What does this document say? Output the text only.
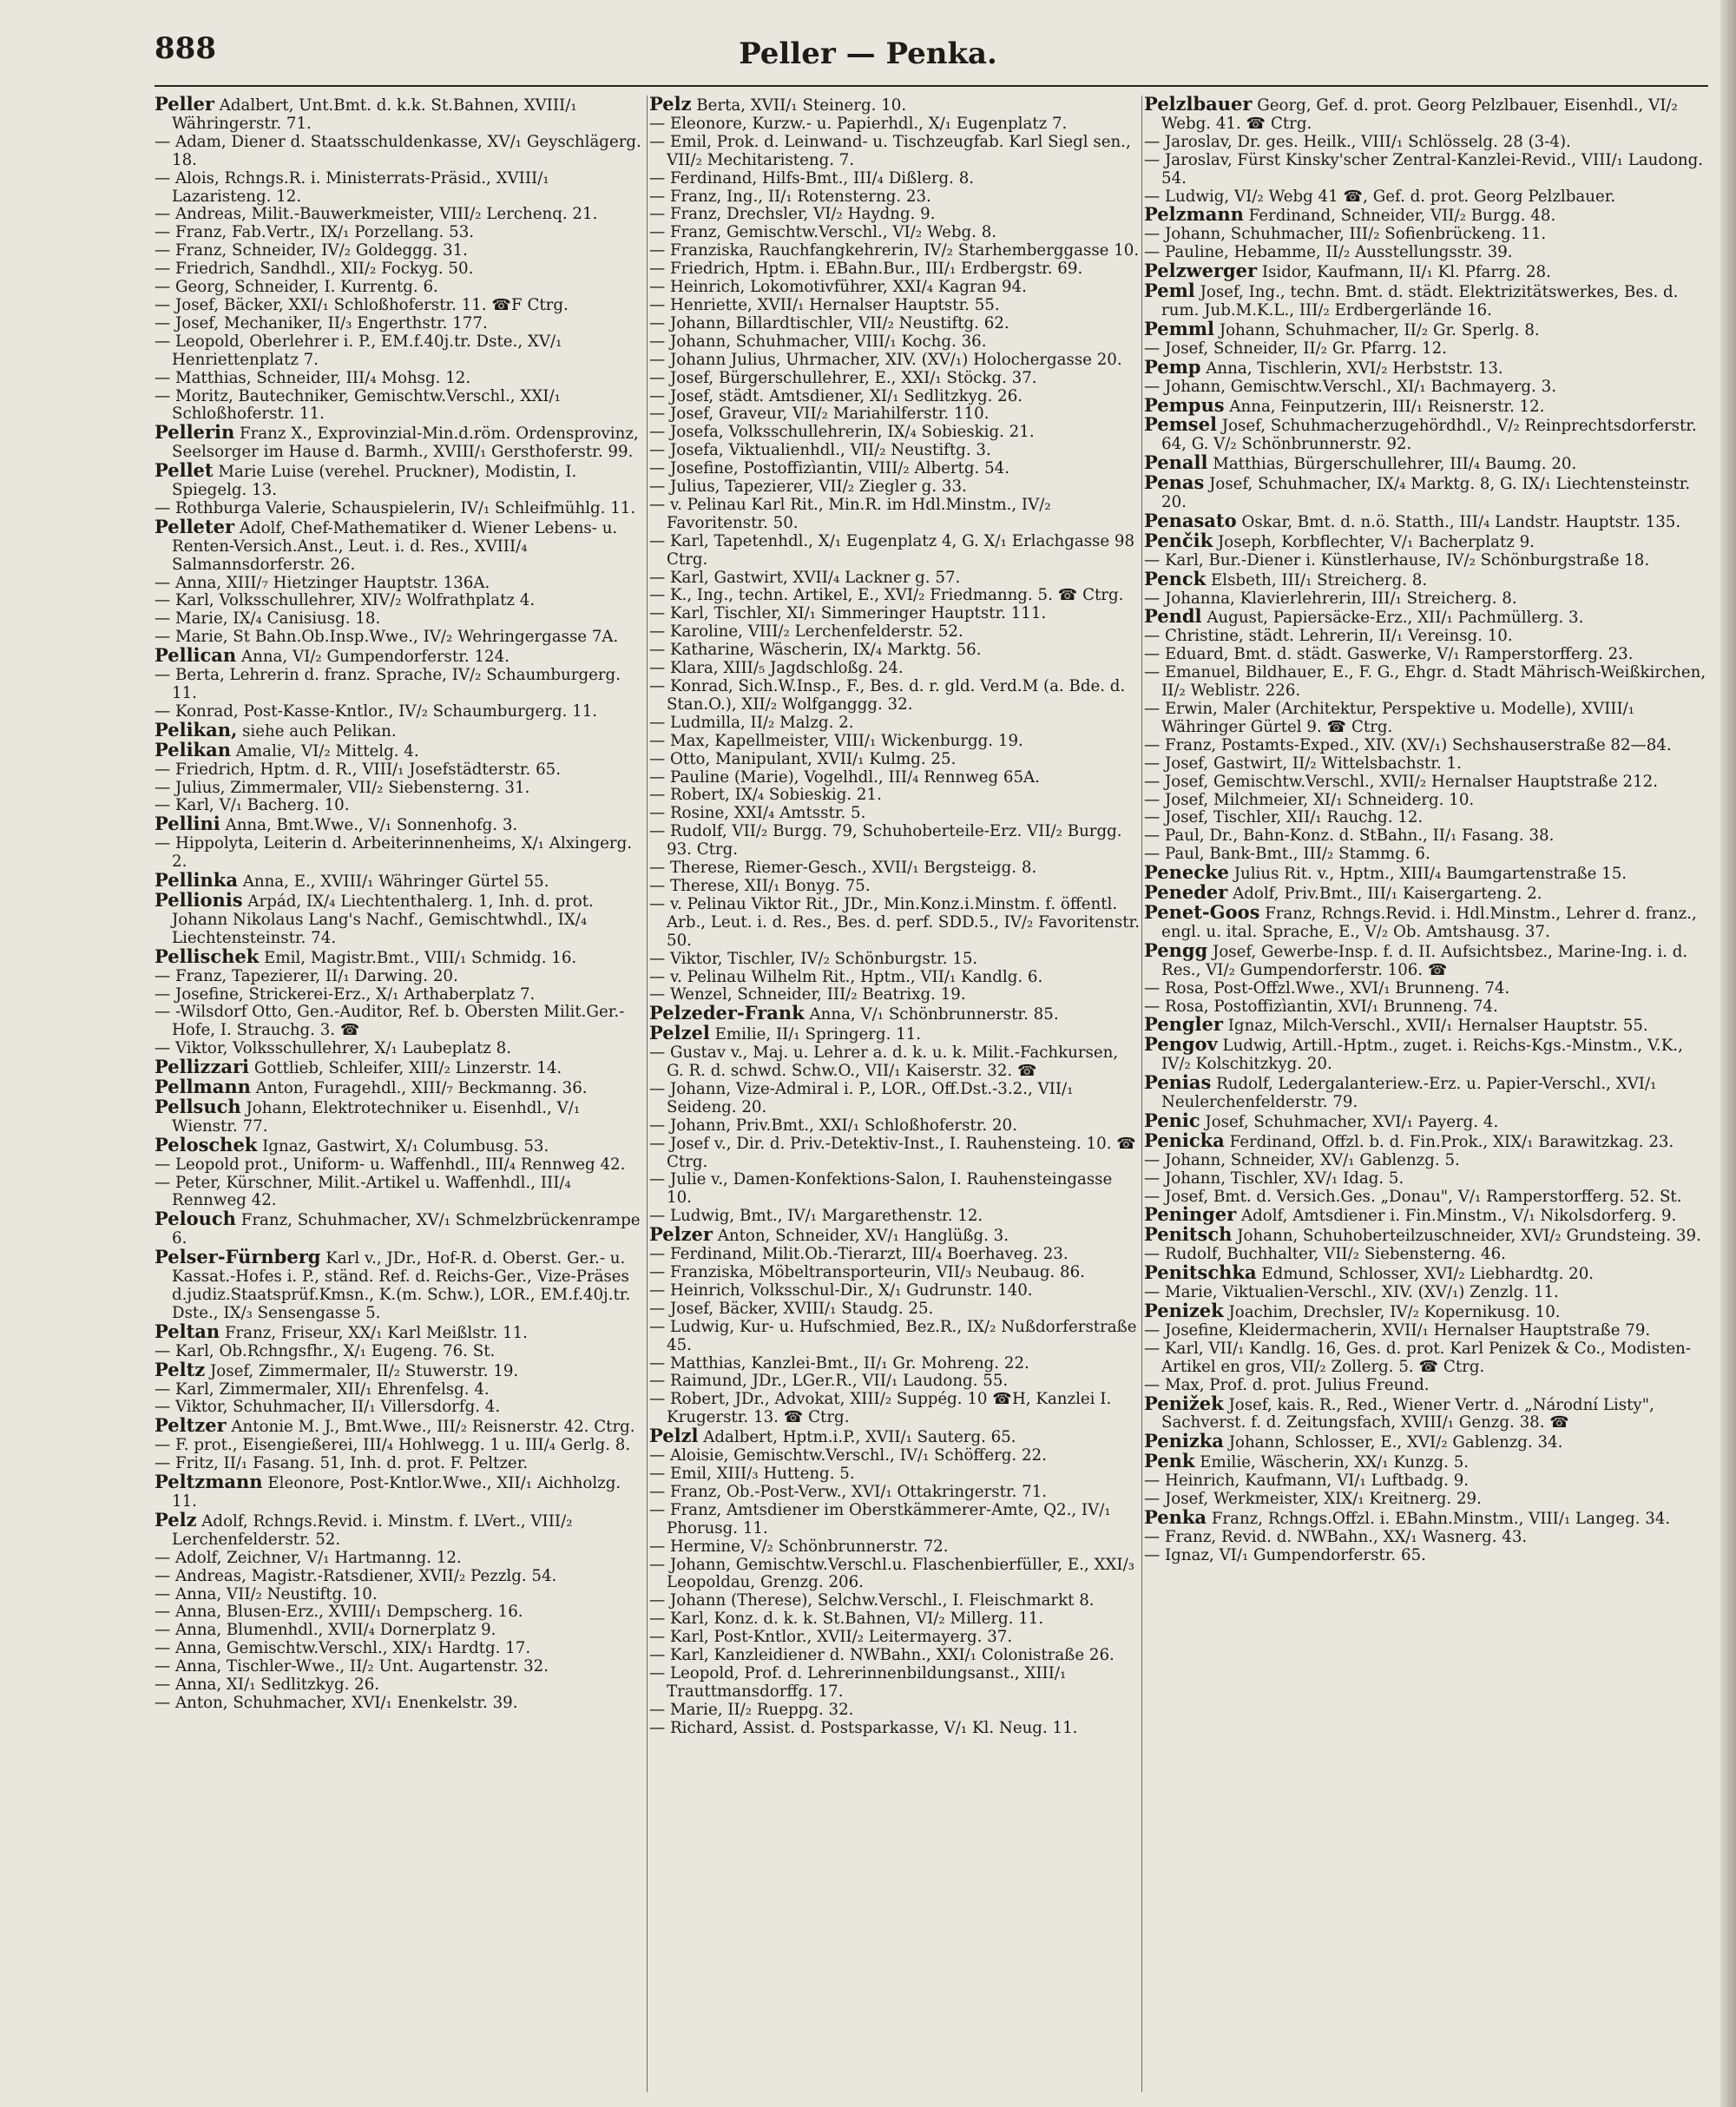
888	Peller — Penka.

Peller Adalbert, Unt.Bmt. d. k.k. St.Bahnen, XVIII/₁ Währingerstr. 71.

— Adam, Diener d. Staatsschuldenkasse, XV/₁ Geyschlägerg. 18.

— Alois, Rchngs.R. i. Ministerrats-Präsid., XVIII/₁ Lazaristeng. 12.

— Andreas, Milit.-Bauwerkmeister, VIII/₂ Lerchenq. 21.

— Franz, Fab.Vertr., IX/₁ Porzellang. 53.

— Franz, Schneider, IV/₂ Goldeggg. 31.

— Friedrich, Sandhdl., XII/₂ Fockyg. 50.

— Georg, Schneider, I. Kurrentg. 6.

— Josef, Bäcker, XXI/₁ Schloßhoferstr. 11. ☎F Ctrg.

— Josef, Mechaniker, II/₃ Engerthstr. 177.

— Leopold, Oberlehrer i. P., EM.f.40j.tr. Dste., XV/₁ Henriettenplatz 7.

— Matthias, Schneider, III/₄ Mohsg. 12.

— Moritz, Bautechniker, Gemischtw.Verschl., XXI/₁ Schloßhoferstr. 11.

Pellerin Franz X., Exprovinzial-Min.d.röm. Ordensprovinz, Seelsorger im Hause d. Barmh., XVIII/₁ Gersthoferstr. 99.

Pellet Marie Luise (verehel. Pruckner), Modistin, I. Spiegelg. 13.

— Rothburga Valerie, Schauspielerin, IV/₁ Schleifmühlg. 11.

Pelleter Adolf, Chef-Mathematiker d. Wiener Lebens- u. Renten-Versich.Anst., Leut. i. d. Res., XVIII/₄ Salmannsdorferstr. 26.

— Anna, XIII/₇ Hietzinger Hauptstr. 136A.

— Karl, Volksschullehrer, XIV/₂ Wolfrathplatz 4.

— Marie, IX/₄ Canisiusg. 18.

— Marie, St Bahn.Ob.Insp.Wwe., IV/₂ Wehringergasse 7A.

Pellican Anna, VI/₂ Gumpendorferstr. 124.

— Berta, Lehrerin d. franz. Sprache, IV/₂ Schaumburgerg. 11.

— Konrad, Post-Kasse-Kntlor., IV/₂ Schaumburgerg. 11.

Pelikan, siehe auch Pelikan.

Pelikan Amalie, VI/₂ Mittelg. 4.

— Friedrich, Hptm. d. R., VIII/₁ Josefstädterstr. 65.

— Julius, Zimmermaler, VII/₂ Siebensterng. 31.

— Karl, V/₁ Bacherg. 10.

Pellini Anna, Bmt.Wwe., V/₁ Sonnenhofg. 3.

— Hippolyta, Leiterin d. Arbeiterinnenheims, X/₁ Alxingerg. 2.

Pellinka Anna, E., XVIII/₁ Währinger Gürtel 55.

Pellionis Arpád, IX/₄ Liechtenthalerg. 1, Inh. d. prot. Johann Nikolaus Lang's Nachf., Gemischtwhdl., IX/₄ Liechtensteinstr. 74.

Pellischek Emil, Magistr.Bmt., VIII/₁ Schmidg. 16.

— Franz, Tapezierer, II/₁ Darwing. 20.

— Josefine, Strickerei-Erz., X/₁ Arthaberplatz 7.

— -Wilsdorf Otto, Gen.-Auditor, Ref. b. Obersten Milit.Ger.-Hofe, I. Strauchg. 3. ☎

— Viktor, Volksschullehrer, X/₁ Laubeplatz 8.

Pellizzari Gottlieb, Schleifer, XIII/₂ Linzerstr. 14.

Pellmann Anton, Furagehdl., XIII/₇ Beckmanng. 36.

Pellsuch Johann, Elektrotechniker u. Eisenhdl., V/₁ Wienstr. 77.

Peloschek Ignaz, Gastwirt, X/₁ Columbusg. 53.

— Leopold prot., Uniform- u. Waffenhdl., III/₄ Rennweg 42.

— Peter, Kürschner, Milit.-Artikel u. Waffenhdl., III/₄ Rennweg 42.

Pelouch Franz, Schuhmacher, XV/₁ Schmelzbrückenrampe 6.

Pelser-Fürnberg Karl v., JDr., Hof-R. d. Oberst. Ger.- u. Kassat.-Hofes i. P., ständ. Ref. d. Reichs-Ger., Vize-Präses d.judiz.Staatsprüf.Kmsn., K.(m. Schw.), LOR., EM.f.40j.tr. Dste., IX/₃ Sensengasse 5.

Peltan Franz, Friseur, XX/₁ Karl Meißlstr. 11.

— Karl, Ob.Rchngsfhr., X/₁ Eugeng. 76. St.

Peltz Josef, Zimmermaler, II/₂ Stuwerstr. 19.

— Karl, Zimmermaler, XII/₁ Ehrenfelsg. 4.

— Viktor, Schuhmacher, II/₁ Villersdorfg. 4.

Peltzer Antonie M. J., Bmt.Wwe., III/₂ Reisnerstr. 42. Ctrg.

— F. prot., Eisengießerei, III/₄ Hohlwegg. 1 u. III/₄ Gerlg. 8.

— Fritz, II/₁ Fasang. 51, Inh. d. prot. F. Peltzer.

Peltzmann Eleonore, Post-Kntlor.Wwe., XII/₁ Aichholzg. 11.

Pelz Adolf, Rchngs.Revid. i. Minstm. f. LVert., VIII/₂ Lerchenfelderstr. 52.

— Adolf, Zeichner, V/₁ Hartmanng. 12.

— Andreas, Magistr.-Ratsdiener, XVII/₂ Pezzlg. 54.

— Anna, VII/₂ Neustiftg. 10.

— Anna, Blusen-Erz., XVIII/₁ Dempscherg. 16.

— Anna, Blumenhdl., XVII/₄ Dornerplatz 9.

— Anna, Gemischtw.Verschl., XIX/₁ Hardtg. 17.

— Anna, Tischler-Wwe., II/₂ Unt. Augartenstr. 32.

— Anna, XI/₁ Sedlitzkyg. 26.

— Anton, Schuhmacher, XVI/₁ Enenkelstr. 39.

Pelz Berta, XVII/₁ Steinerg. 10.

— Eleonore, Kurzw.- u. Papierhdl., X/₁ Eugenplatz 7.

— Emil, Prok. d. Leinwand- u. Tischzeugfab. Karl Siegl sen., VII/₂ Mechitaristeng. 7.

— Ferdinand, Hilfs-Bmt., III/₄ Dißlerg. 8.

— Franz, Ing., II/₁ Rotensterng. 23.

— Franz, Drechsler, VI/₂ Haydng. 9.

— Franz, Gemischtw.Verschl., VI/₂ Webg. 8.

— Franziska, Rauchfangkehrerin, IV/₂ Starhemberggasse 10.

— Friedrich, Hptm. i. EBahn.Bur., III/₁ Erdbergstr. 69.

— Heinrich, Lokomotivführer, XXI/₄ Kagran 94.

— Henriette, XVII/₁ Hernalser Hauptstr. 55.

— Johann, Billardtischler, VII/₂ Neustiftg. 62.

— Johann, Schuhmacher, VIII/₁ Kochg. 36.

— Johann Julius, Uhrmacher, XIV. (XV/₁) Holochergasse 20.

— Josef, Bürgerschullehrer, E., XXI/₁ Stöckg. 37.

— Josef, städt. Amtsdiener, XI/₁ Sedlitzkyg. 26.

— Josef, Graveur, VII/₂ Mariahilferstr. 110.

— Josefa, Volksschullehrerin, IX/₄ Sobieskig. 21.

— Josefa, Viktualienhdl., VII/₂ Neustiftg. 3.

— Josefine, Postoffizìantin, VIII/₂ Albertg. 54.

— Julius, Tapezierer, VII/₂ Ziegler g. 33.

— v. Pelinau Karl Rit., Min.R. im Hdl.Minstm., IV/₂ Favoritenstr. 50.

— Karl, Tapetenhdl., X/₁ Eugenplatz 4, G. X/₁ Erlachgasse 98 Ctrg.

— Karl, Gastwirt, XVII/₄ Lackner g. 57.

— K., Ing., techn. Artikel, E., XVI/₂ Friedmanng. 5. ☎ Ctrg.

— Karl, Tischler, XI/₁ Simmeringer Hauptstr. 111.

— Karoline, VIII/₂ Lerchenfelderstr. 52.

— Katharine, Wäscherin, IX/₄ Marktg. 56.

— Klara, XIII/₅ Jagdschloßg. 24.

— Konrad, Sich.W.Insp., F., Bes. d. r. gld. Verd.M (a. Bde. d. Stan.O.), XII/₂ Wolfganggg. 32.

— Ludmilla, II/₂ Malzg. 2.

— Max, Kapellmeister, VIII/₁ Wickenburgg. 19.

— Otto, Manipulant, XVII/₁ Kulmg. 25.

— Pauline (Marie), Vogelhdl., III/₄ Rennweg 65A.

— Robert, IX/₄ Sobieskig. 21.

— Rosine, XXI/₄ Amtsstr. 5.

— Rudolf, VII/₂ Burgg. 79, Schuhoberteile-Erz. VII/₂ Burgg. 93. Ctrg.

— Therese, Riemer-Gesch., XVII/₁ Bergsteigg. 8.

— Therese, XII/₁ Bonyg. 75.

— v. Pelinau Viktor Rit., JDr., Min.Konz.i.Minstm. f. öffentl. Arb., Leut. i. d. Res., Bes. d. perf. SDD.5., IV/₂ Favoritenstr. 50.

— Viktor, Tischler, IV/₂ Schönburgstr. 15.

— v. Pelinau Wilhelm Rit., Hptm., VII/₁ Kandlg. 6.

— Wenzel, Schneider, III/₂ Beatrixg. 19.

Pelzeder-Frank Anna, V/₁ Schönbrunnerstr. 85.

Pelzel Emilie, II/₁ Springerg. 11.

— Gustav v., Maj. u. Lehrer a. d. k. u. k. Milit.-Fachkursen, G. R. d. schwd. Schw.O., VII/₁ Kaiserstr. 32. ☎

— Johann, Vize-Admiral i. P., LOR., Off.Dst.-3.2., VII/₁ Seideng. 20.

— Johann, Priv.Bmt., XXI/₁ Schloßhoferstr. 20.

— Josef v., Dir. d. Priv.-Detektiv-Inst., I. Rauhensteing. 10. ☎ Ctrg.

— Julie v., Damen-Konfektions-Salon, I. Rauhensteingasse 10.

— Ludwig, Bmt., IV/₁ Margarethenstr. 12.

Pelzer Anton, Schneider, XV/₁ Hanglüßg. 3.

— Ferdinand, Milit.Ob.-Tierarzt, III/₄ Boerhaveg. 23.

— Franziska, Möbeltransporteurin, VII/₃ Neubaug. 86.

— Heinrich, Volksschul-Dir., X/₁ Gudrunstr. 140.

— Josef, Bäcker, XVIII/₁ Staudg. 25.

— Ludwig, Kur- u. Hufschmied, Bez.R., IX/₂ Nußdorferstraße 45.

— Matthias, Kanzlei-Bmt., II/₁ Gr. Mohreng. 22.

— Raimund, JDr., LGer.R., VII/₁ Laudong. 55.

— Robert, JDr., Advokat, XIII/₂ Suppég. 10 ☎H, Kanzlei I. Krugerstr. 13. ☎ Ctrg.

Pelzl Adalbert, Hptm.i.P., XVII/₁ Sauterg. 65.

— Aloisie, Gemischtw.Verschl., IV/₁ Schöfferg. 22.

— Emil, XIII/₃ Hutteng. 5.

— Franz, Ob.-Post-Verw., XVI/₁ Ottakringerstr. 71.

— Franz, Amtsdiener im Oberstkämmerer-Amte, Q2., IV/₁ Phorusg. 11.

— Hermine, V/₂ Schönbrunnerstr. 72.

— Johann, Gemischtw.Verschl.u. Flaschenbierfüller, E., XXI/₃ Leopoldau, Grenzg. 206.

— Johann (Therese), Selchw.Verschl., I. Fleischmarkt 8.

— Karl, Konz. d. k. k. St.Bahnen, VI/₂ Millerg. 11.

— Karl, Post-Kntlor., XVII/₂ Leitermayerg. 37.

— Karl, Kanzleidiener d. NWBahn., XXI/₁ Colonistraße 26.

— Leopold, Prof. d. Lehrerinnenbildungsanst., XIII/₁ Trauttmansdorffg. 17.

— Marie, II/₂ Rueppg. 32.

— Richard, Assist. d. Postsparkasse, V/₁ Kl. Neug. 11.

Pelzlbauer Georg, Gef. d. prot. Georg Pelzlbauer, Eisenhdl., VI/₂ Webg. 41. ☎ Ctrg.

— Jaroslav, Dr. ges. Heilk., VIII/₁ Schlösselg. 28 (3-4).

— Jaroslav, Fürst Kinsky'scher Zentral-Kanzlei-Revid., VIII/₁ Laudong. 54.

— Ludwig, VI/₂ Webg 41 ☎, Gef. d. prot. Georg Pelzlbauer.

Pelzmann Ferdinand, Schneider, VII/₂ Burgg. 48.

— Johann, Schuhmacher, III/₂ Sofienbrückeng. 11.

— Pauline, Hebamme, II/₂ Ausstellungsstr. 39.

Pelzwerger Isidor, Kaufmann, II/₁ Kl. Pfarrg. 28.

Peml Josef, Ing., techn. Bmt. d. städt. Elektrizitätswerkes, Bes. d. rum. Jub.M.K.L., III/₂ Erdbergerlände 16.

Pemml Johann, Schuhmacher, II/₂ Gr. Sperlg. 8.

— Josef, Schneider, II/₂ Gr. Pfarrg. 12.

Pemp Anna, Tischlerin, XVI/₂ Herbststr. 13.

— Johann, Gemischtw.Verschl., XI/₁ Bachmayerg. 3.

Pempus Anna, Feinputzerin, III/₁ Reisnerstr. 12.

Pemsel Josef, Schuhmacherzugehördhdl., V/₂ Reinprechtsdorferstr. 64, G. V/₂ Schönbrunnerstr. 92.

Penall Matthias, Bürgerschullehrer, III/₄ Baumg. 20.

Penas Josef, Schuhmacher, IX/₄ Marktg. 8, G. IX/₁ Liechtensteinstr. 20.

Penasato Oskar, Bmt. d. n.ö. Statth., III/₄ Landstr. Hauptstr. 135.

Penčik Joseph, Korbflechter, V/₁ Bacherplatz 9.

— Karl, Bur.-Diener i. Künstlerhause, IV/₂ Schönburgstraße 18.

Penck Elsbeth, III/₁ Streicherg. 8.

— Johanna, Klavierlehrerin, III/₁ Streicherg. 8.

Pendl August, Papiersäcke-Erz., XII/₁ Pachmüllerg. 3.

— Christine, städt. Lehrerin, II/₁ Vereinsg. 10.

— Eduard, Bmt. d. städt. Gaswerke, V/₁ Ramperstorfferg. 23.

— Emanuel, Bildhauer, E., F. G., Ehgr. d. Stadt Mährisch-Weißkirchen, II/₂ Weblistr. 226.

— Erwin, Maler (Architektur, Perspektive u. Modelle), XVIII/₁ Währinger Gürtel 9. ☎ Ctrg.

— Franz, Postamts-Exped., XIV. (XV/₁) Sechshauserstraße 82—84.

— Josef, Gastwirt, II/₂ Wittelsbachstr. 1.

— Josef, Gemischtw.Verschl., XVII/₂ Hernalser Hauptstraße 212.

— Josef, Milchmeier, XI/₁ Schneiderg. 10.

— Josef, Tischler, XII/₁ Rauchg. 12.

— Paul, Dr., Bahn-Konz. d. StBahn., II/₁ Fasang. 38.

— Paul, Bank-Bmt., III/₂ Stammg. 6.

Penecke Julius Rit. v., Hptm., XIII/₄ Baumgartenstraße 15.

Peneder Adolf, Priv.Bmt., III/₁ Kaisergarteng. 2.

Penet-Goos Franz, Rchngs.Revid. i. Hdl.Minstm., Lehrer d. franz., engl. u. ital. Sprache, E., V/₂ Ob. Amtshausg. 37.

Pengg Josef, Gewerbe-Insp. f. d. II. Aufsichtsbez., Marine-Ing. i. d. Res., VI/₂ Gumpendorferstr. 106. ☎

— Rosa, Post-Offzl.Wwe., XVI/₁ Brunneng. 74.

— Rosa, Postoffizìantin, XVI/₁ Brunneng. 74.

Pengler Ignaz, Milch-Verschl., XVII/₁ Hernalser Hauptstr. 55.

Pengov Ludwig, Artill.-Hptm., zuget. i. Reichs-Kgs.-Minstm., V.K., IV/₂ Kolschitzkyg. 20.

Penias Rudolf, Ledergalanteriew.-Erz. u. Papier-Verschl., XVI/₁ Neulerchenfelderstr. 79.

Penic Josef, Schuhmacher, XVI/₁ Payerg. 4.

Penicka Ferdinand, Offzl. b. d. Fin.Prok., XIX/₁ Barawitzkag. 23.

— Johann, Schneider, XV/₁ Gablenzg. 5.

— Johann, Tischler, XV/₁ Idag. 5.

— Josef, Bmt. d. Versich.Ges. „Donau", V/₁ Ramperstorfferg. 52. St.

Peninger Adolf, Amtsdiener i. Fin.Minstm., V/₁ Nikolsdorferg. 9.

Penitsch Johann, Schuhoberteilzuschneider, XVI/₂ Grundsteing. 39.

— Rudolf, Buchhalter, VII/₂ Siebensterng. 46.

Penitschka Edmund, Schlosser, XVI/₂ Liebhardtg. 20.

— Marie, Viktualien-Verschl., XIV. (XV/₁) Zenzlg. 11.

Penizek Joachim, Drechsler, IV/₂ Kopernikusg. 10.

— Josefine, Kleidermacherin, XVII/₁ Hernalser Hauptstraße 79.

— Karl, VII/₁ Kandlg. 16, Ges. d. prot. Karl Penizek & Co., Modisten-Artikel en gros, VII/₂ Zollerg. 5. ☎ Ctrg.

— Max, Prof. d. prot. Julius Freund.

Penižek Josef, kais. R., Red., Wiener Vertr. d. „Národní Listy", Sachverst. f. d. Zeitungsfach, XVIII/₁ Genzg. 38. ☎

Penizka Johann, Schlosser, E., XVI/₂ Gablenzg. 34.

Penk Emilie, Wäscherin, XX/₁ Kunzg. 5.

— Heinrich, Kaufmann, VI/₁ Luftbadg. 9.

— Josef, Werkmeister, XIX/₁ Kreitnerg. 29.

Penka Franz, Rchngs.Offzl. i. EBahn.Minstm., VIII/₁ Langeg. 34.

— Franz, Revid. d. NWBahn., XX/₁ Wasnerg. 43.

— Ignaz, VI/₁ Gumpendorferstr. 65.
